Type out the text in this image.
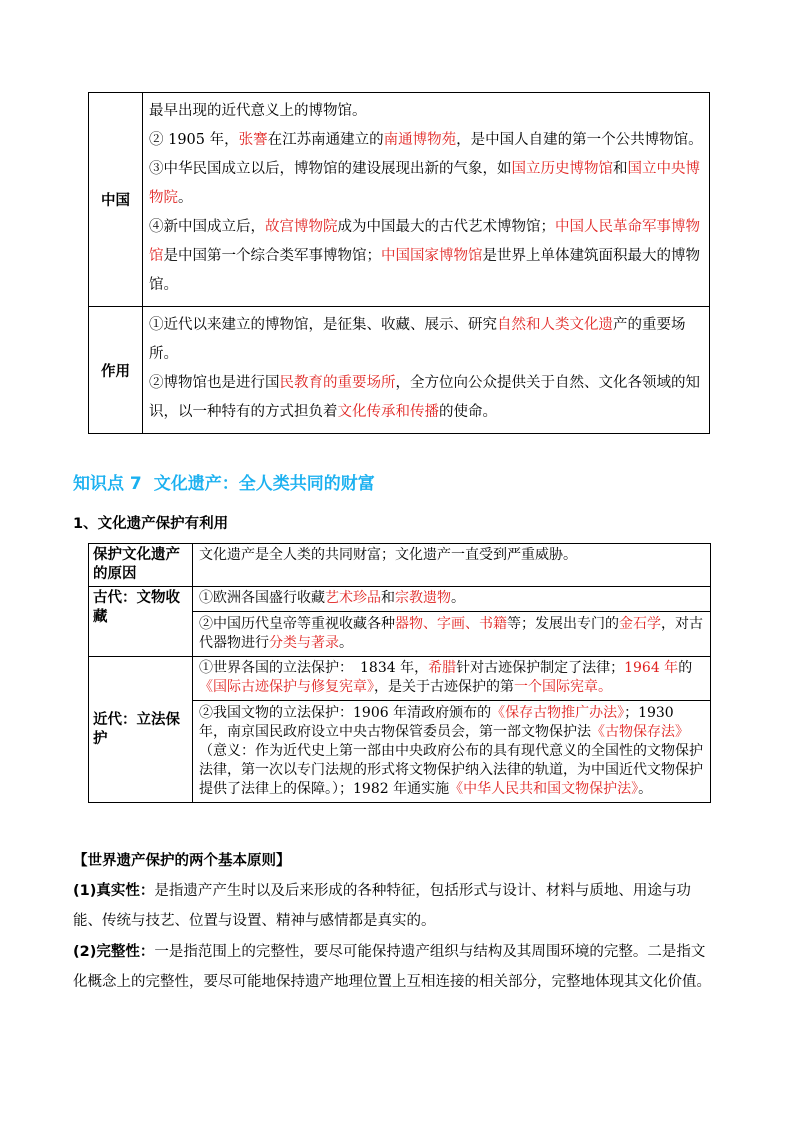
中国	最早出现的近代意义上的博物馆。

② 1905 年，张謇在江苏南通建立的南通博物苑，是中国人自建的第一个公共博物馆。

③中华民国成立以后，博物馆的建设展现出新的气象，如国立历史博物馆和国立中央博物院。

④新中国成立后，故宫博物院成为中国最大的古代艺术博物馆；中国人民革命军事博物馆是中国第一个综合类军事博物馆；中国国家博物馆是世界上单体建筑面积最大的博物馆。

作用	①近代以来建立的博物馆，是征集、收藏、展示、研究自然和人类文化遗产的重要场所。

②博物馆也是进行国民教育的重要场所，全方位向公众提供关于自然、文化各领域的知识，以一种特有的方式担负着文化传承和传播的使命。

知识点 7 文化遗产：全人类共同的财富
1、文化遗产保护有利用
保护文化遗产的原因	文化遗产是全人类的共同财富；文化遗产一直受到严重威胁。

古代：文物收藏	①欧洲各国盛行收藏艺术珍品和宗教遗物。

②中国历代皇帝等重视收藏各种器物、字画、书籍等；发展出专门的金石学，对古代器物进行分类与著录。

近代：立法保护	①世界各国的立法保护：　1834 年，希腊针对古迹保护制定了法律；1964 年的《国际古迹保护与修复宪章》，是关于古迹保护的第一个国际宪章。

②我国文物的立法保护：1906 年清政府颁布的《保存古物推广办法》；1930 年，南京国民政府设立中央古物保管委员会，第一部文物保护法《古物保存法》（意义：作为近代史上第一部由中央政府公布的具有现代意义的全国性的文物保护法律，第一次以专门法规的形式将文物保护纳入法律的轨道，为中国近代文物保护提供了法律上的保障。）；1982 年通实施《中华人民共和国文物保护法》。

【世界遗产保护的两个基本原则】

(1)真实性：是指遗产产生时以及后来形成的各种特征，包括形式与设计、材料与质地、用途与功能、传统与技艺、位置与设置、精神与感情都是真实的。

(2)完整性：一是指范围上的完整性，要尽可能保持遗产组织与结构及其周围环境的完整。二是指文化概念上的完整性，要尽可能地保持遗产地理位置上互相连接的相关部分，完整地体现其文化价值。
